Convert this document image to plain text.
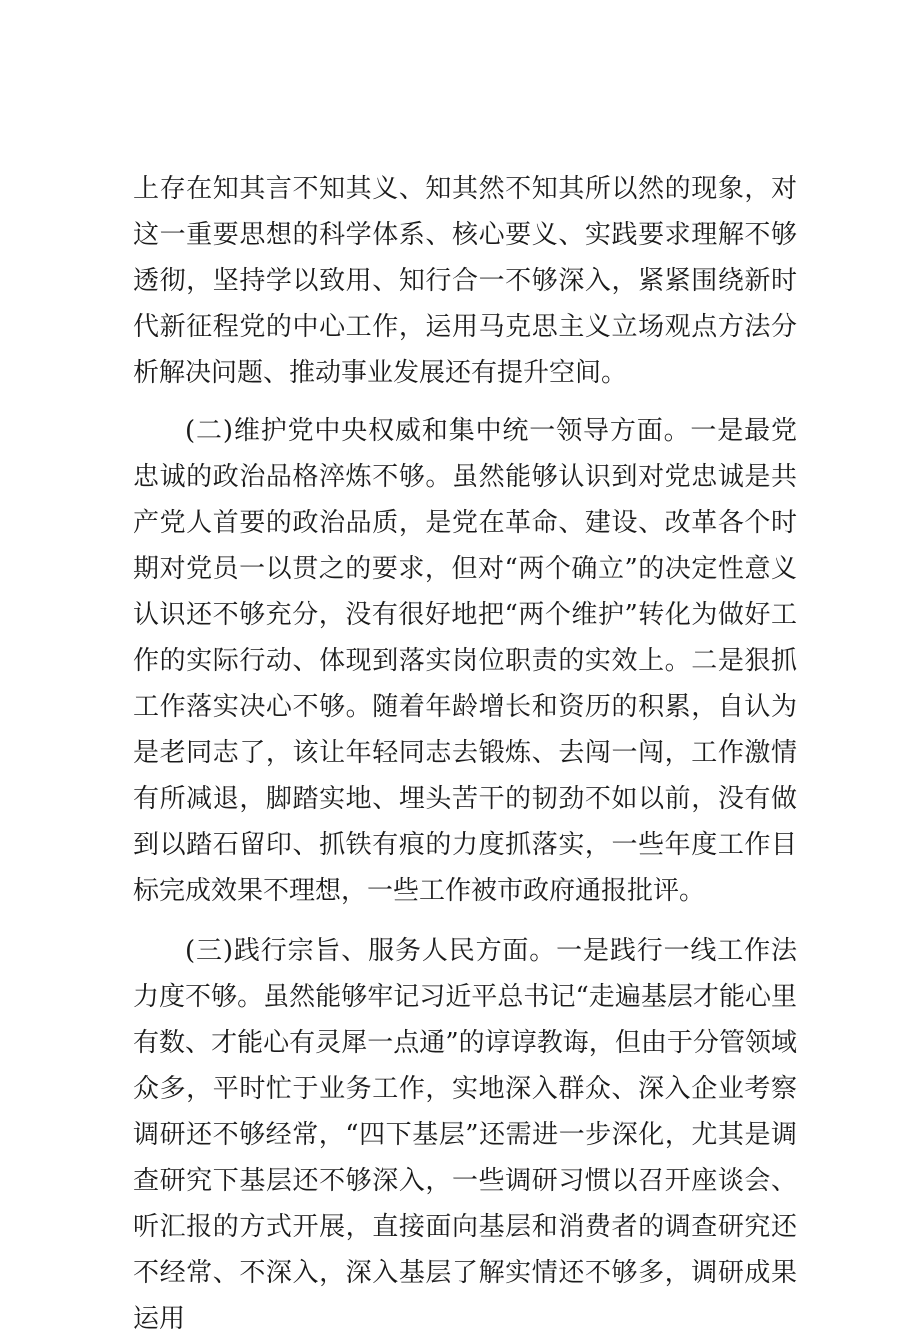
上存在知其言不知其义、知其然不知其所以然的现象，对这一重要思想的科学体系、核心要义、实践要求理解不够透彻，坚持学以致用、知行合一不够深入，紧紧围绕新时代新征程党的中心工作，运用马克思主义立场观点方法分析解决问题、推动事业发展还有提升空间。

(二)维护党中央权威和集中统一领导方面。一是最党忠诚的政治品格淬炼不够。虽然能够认识到对党忠诚是共产党人首要的政治品质，是党在革命、建设、改革各个时期对党员一以贯之的要求，但对“两个确立”的决定性意义认识还不够充分，没有很好地把“两个维护”转化为做好工作的实际行动、体现到落实岗位职责的实效上。二是狠抓工作落实决心不够。随着年龄增长和资历的积累，自认为是老同志了，该让年轻同志去锻炼、去闯一闯，工作激情有所减退，脚踏实地、埋头苦干的韧劲不如以前，没有做到以踏石留印、抓铁有痕的力度抓落实，一些年度工作目标完成效果不理想，一些工作被市政府通报批评。

(三)践行宗旨、服务人民方面。一是践行一线工作法力度不够。虽然能够牢记习近平总书记“走遍基层才能心里有数、才能心有灵犀一点通”的谆谆教诲，但由于分管领域众多，平时忙于业务工作，实地深入群众、深入企业考察调研还不够经常，“四下基层”还需进一步深化，尤其是调查研究下基层还不够深入，一些调研习惯以召开座谈会、听汇报的方式开展，直接面向基层和消费者的调查研究还不经常、不深入，深入基层了解实情还不够多，调研成果运用
